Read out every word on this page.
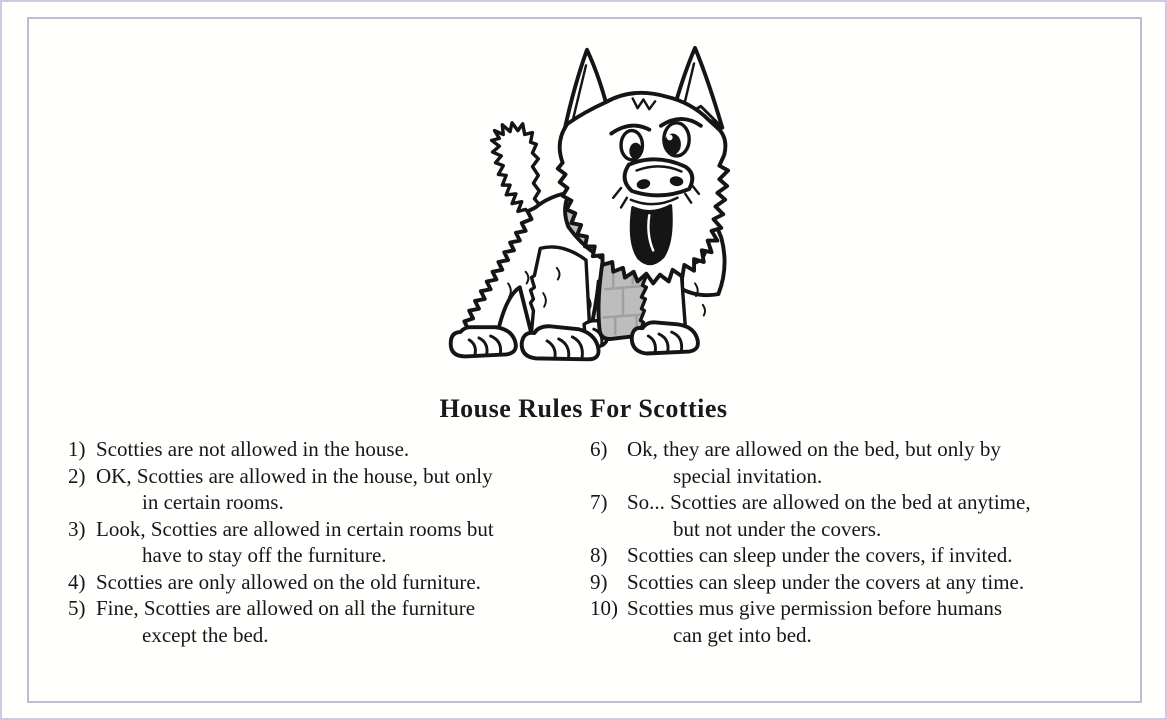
House Rules For Scotties
1) Scotties are not allowed in the house.
2) OK, Scotties are allowed in the house, but only
in certain rooms.
3) Look, Scotties are allowed in certain rooms but
have to stay off the furniture.
4) Scotties are only allowed on the old furniture.
5) Fine, Scotties are allowed on all the furniture
except the bed.
6) Ok, they are allowed on the bed, but only by
special invitation.
7) So... Scotties are allowed on the bed at anytime,
but not under the covers.
8) Scotties can sleep under the covers, if invited.
9) Scotties can sleep under the covers at any time.
10) Scotties mus give permission before humans
can get into bed.
